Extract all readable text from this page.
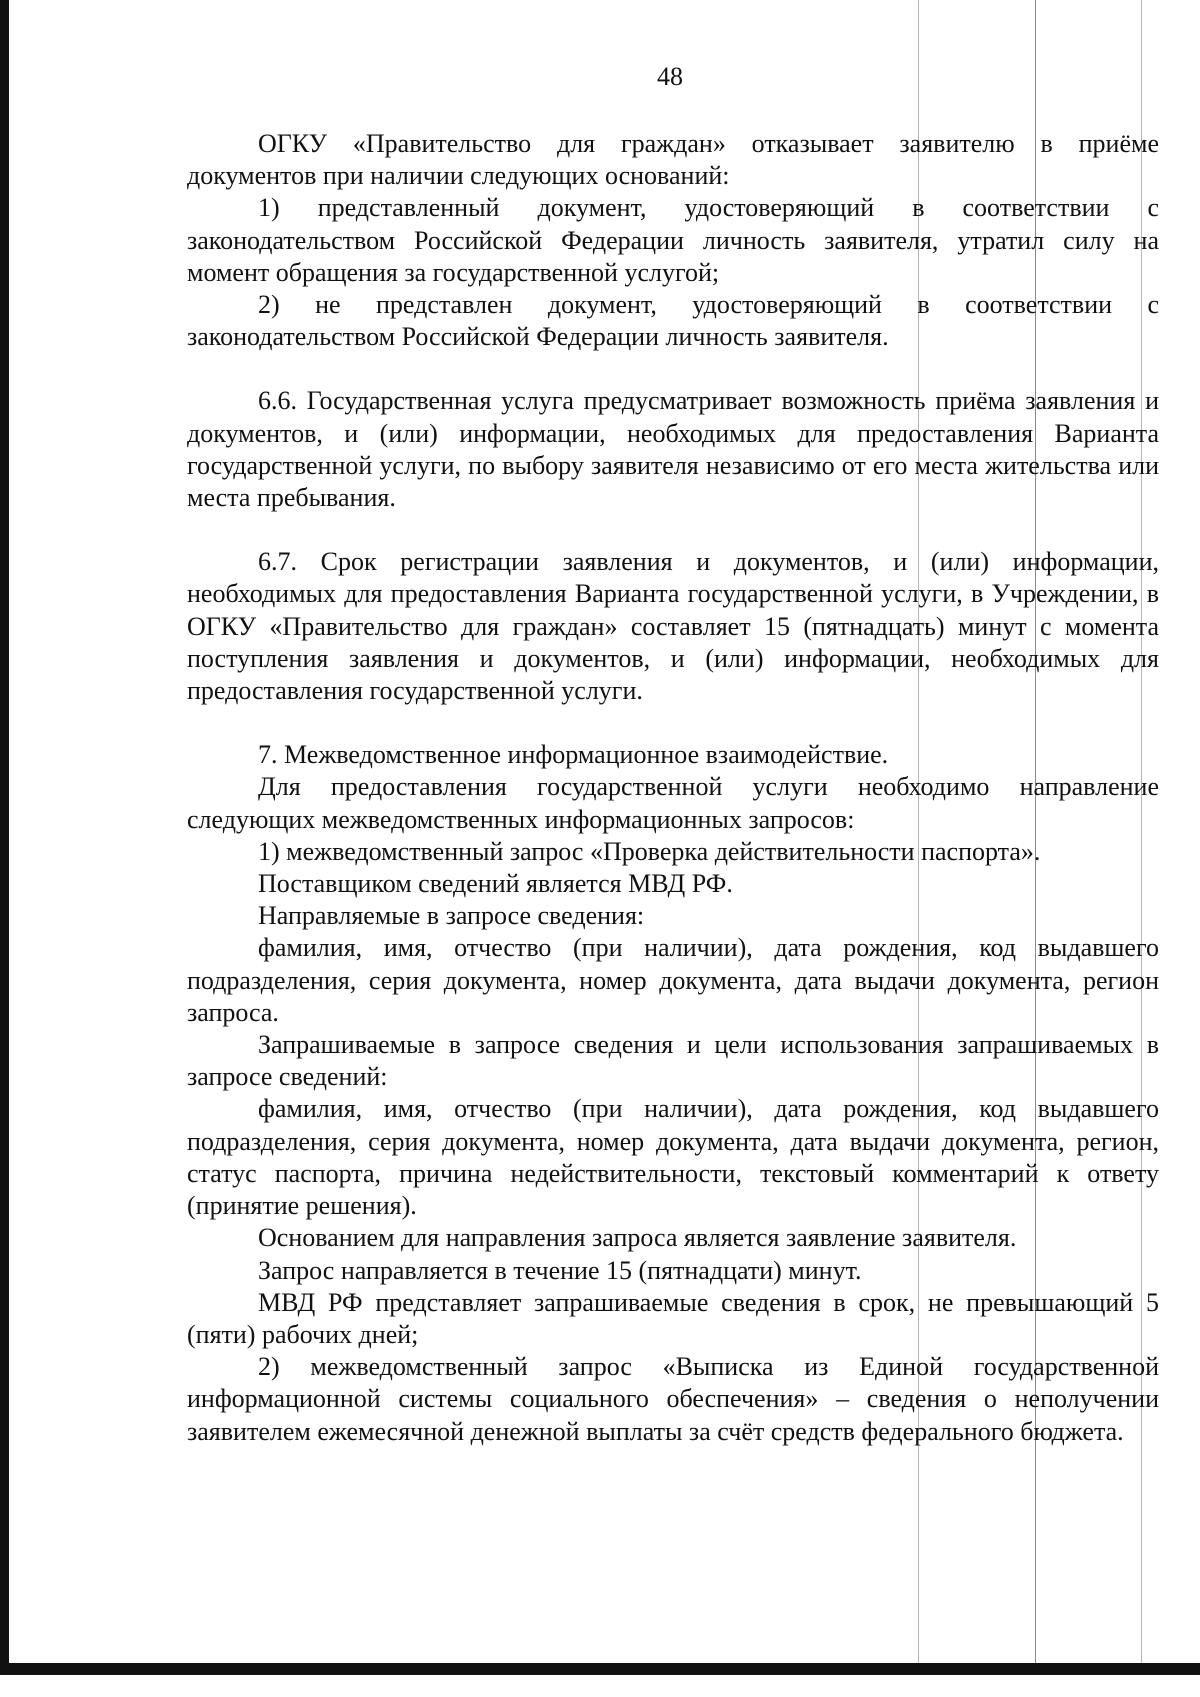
48

ОГКУ «Правительство для граждан» отказывает заявителю в приёме документов при наличии следующих оснований:

1) представленный документ, удостоверяющий в соответствии с законодательством Российской Федерации личность заявителя, утратил силу на момент обращения за государственной услугой;

2) не представлен документ, удостоверяющий в соответствии с законодательством Российской Федерации личность заявителя.

6.6. Государственная услуга предусматривает возможность приёма заявления и документов, и (или) информации, необходимых для предоставления Варианта государственной услуги, по выбору заявителя независимо от его места жительства или места пребывания.

6.7. Срок регистрации заявления и документов, и (или) информации, необходимых для предоставления Варианта государственной услуги, в Учреждении, в ОГКУ «Правительство для граждан» составляет 15 (пятнадцать) минут с момента поступления заявления и документов, и (или) информации, необходимых для предоставления государственной услуги.

7. Межведомственное информационное взаимодействие.

Для предоставления государственной услуги необходимо направление следующих межведомственных информационных запросов:

1) межведомственный запрос «Проверка действительности паспорта».

Поставщиком сведений является МВД РФ.

Направляемые в запросе сведения:

фамилия, имя, отчество (при наличии), дата рождения, код выдавшего подразделения, серия документа, номер документа, дата выдачи документа, регион запроса.

Запрашиваемые в запросе сведения и цели использования запрашиваемых в запросе сведений:

фамилия, имя, отчество (при наличии), дата рождения, код выдавшего подразделения, серия документа, номер документа, дата выдачи документа, регион, статус паспорта, причина недействительности, текстовый комментарий к ответу (принятие решения).

Основанием для направления запроса является заявление заявителя.

Запрос направляется в течение 15 (пятнадцати) минут.

МВД РФ представляет запрашиваемые сведения в срок, не превышающий 5 (пяти) рабочих дней;

2) межведомственный запрос «Выписка из Единой государственной информационной системы социального обеспечения» – сведения о неполучении заявителем ежемесячной денежной выплаты за счёт средств федерального бюджета.
